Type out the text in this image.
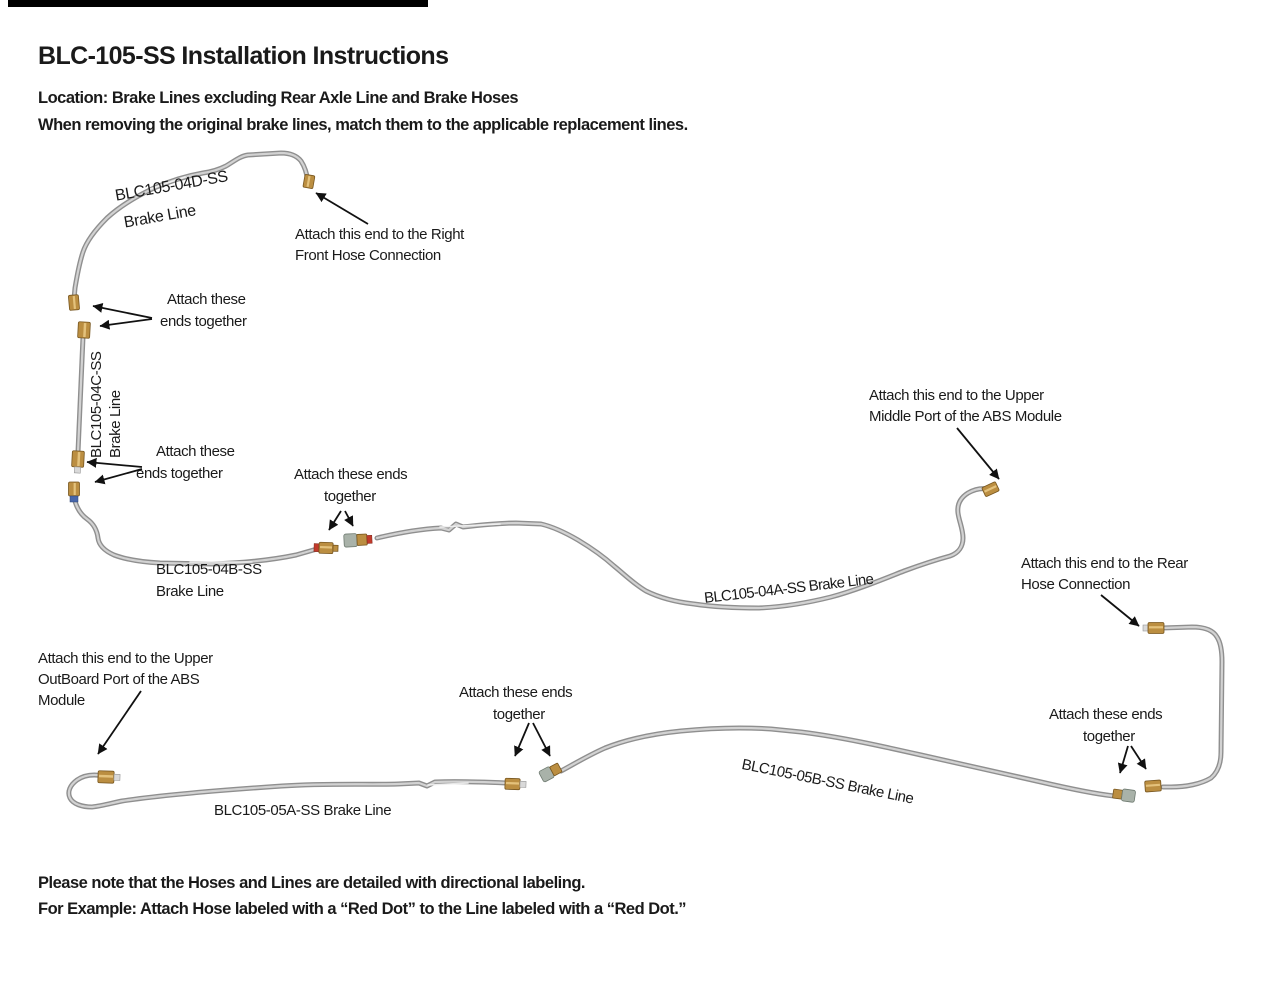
BLC-105-SS Installation Instructions
Location: Brake Lines excluding Rear Axle Line and Brake Hoses
When removing the original brake lines, match them to the applicable replacement lines.
BLC105-04D-SS
Brake Line
BLC105-04C-SS Brake Line
BLC105-04B-SS
Brake Line	BLC105-04A-SS Brake Line
BLC105-05A-SS Brake Line
BLC105-05B-SS Brake Line
Attach this end to the Right
Front Hose Connection
Attach these
ends together
Attach these
ends together	Attach these ends
together
Attach this end to the Upper
Middle Port of the ABS Module
Attach this end to the Rear
Hose Connection
Attach these ends
together	Attach these ends
together
Attach this end to the Upper
OutBoard Port of the ABS
Module
Please note that the Hoses and Lines are detailed with directional labeling.
For Example: Attach Hose labeled with a “Red Dot” to the Line labeled with a “Red Dot.”
